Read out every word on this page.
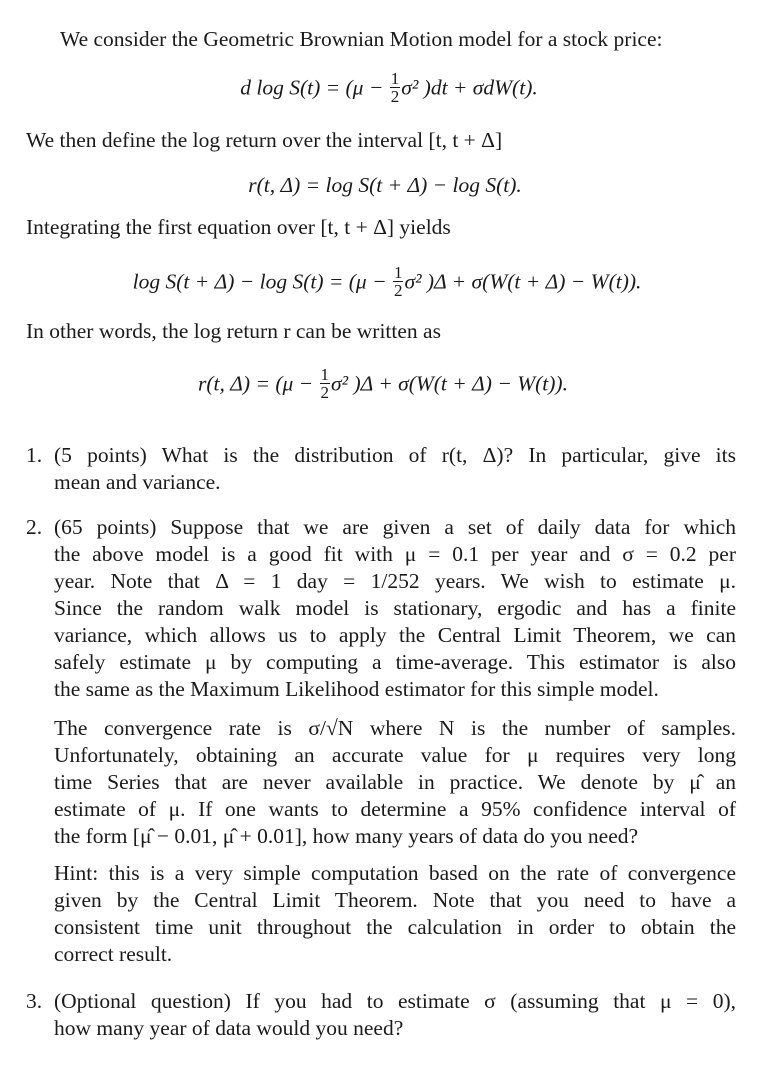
We consider the Geometric Brownian Motion model for a stock price:
d $\log S(t) = (\mu - \frac{1}{2} \sigma^2$ )dt + σdW(t).
We then define the log return over the interval [t, t + Δ]
r(t, Δ) = log S(t + Δ) − log S(t).
Integrating the first equation over [t, t + Δ] yields
$\log S(t + \Delta) - \log S(t) = (\mu - \frac{1}{2} \sigma^2$ )Δ + σ(W(t + Δ) − W(t)).
In other words, the log return r can be written as
r(t, $\Delta) = (\mu - \frac{1}{2} \sigma^2$ )Δ + σ(W(t + Δ) − W(t)).
1. (5 points) What is the distribution of r(t, Δ)? In particular, give its
mean and variance.
2. (65 points) Suppose that we are given a set of daily data for which
the above model is a good fit with μ = 0.1 per year and σ = 0.2 per
year. Note that Δ = 1 day = 1/252 years. We wish to estimate μ.
Since the random walk model is stationary, ergodic and has a finite
variance, which allows us to apply the Central Limit Theorem, we can
safely estimate μ by computing a time-average. This estimator is also
the same as the Maximum Likelihood estimator for this simple model.
The convergence rate is σ/√N where N is the number of samples.
Unfortunately, obtaining an accurate value for μ requires very long
time Series that are never available in practice. We denote by μ̂ an
estimate of μ. If one wants to determine a 95% confidence interval of
the form [μ̂ − 0.01, μ̂ + 0.01], how many years of data do you need?
Hint: this is a very simple computation based on the rate of convergence
given by the Central Limit Theorem. Note that you need to have a
consistent time unit throughout the calculation in order to obtain the
correct result.
3. (Optional question) If you had to estimate σ (assuming that μ = 0),
how many year of data would you need?
